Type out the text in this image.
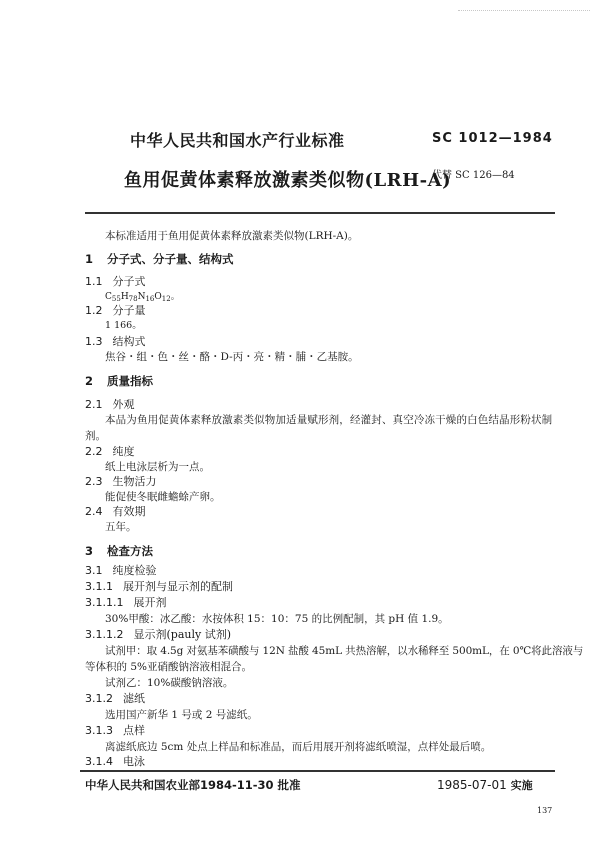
中华人民共和国水产行业标准	SC 1012—1984
鱼用促黄体素释放激素类似物(LRH-A)
代替 SC 126—84
本标准适用于鱼用促黄体素释放激素类似物(LRH-A)。
1 分子式、分子量、结构式
1.1 分子式
$C_{55}H_{78}N_{16}O_{12}$。
1.2 分子量
1 166。
1.3 结构式
焦谷・组・色・丝・酪・D-丙・亮・精・脯・乙基胺。
2 质量指标
2.1 外观
本品为鱼用促黄体素释放激素类似物加适量赋形剂，经灌封、真空冷冻干燥的白色结晶形粉状制
剂。
2.2 纯度
纸上电泳层析为一点。
2.3 生物活力
能促使冬眠雌蟾蜍产卵。
2.4 有效期
五年。
3 检查方法
3.1 纯度检验
3.1.1 展开剂与显示剂的配制
3.1.1.1 展开剂
30%甲酸：冰乙酸：水按体积 15：10：75 的比例配制，其 pH 值 1.9。
3.1.1.2 显示剂(pauly 试剂)
试剂甲：取 4.5g 对氨基苯磺酸与 12N 盐酸 45mL 共热溶解，以水稀释至 500mL，在 0℃将此溶液与
等体积的 5%亚硝酸钠溶液相混合。
试剂乙：10%碳酸钠溶液。
3.1.2 滤纸
选用国产新华 1 号或 2 号滤纸。
3.1.3 点样
离滤纸底边 5cm 处点上样品和标准品，而后用展开剂将滤纸喷湿，点样处最后喷。
3.1.4 电泳
中华人民共和国农业部1984-11-30 批准	1985-07-01 实施
137
